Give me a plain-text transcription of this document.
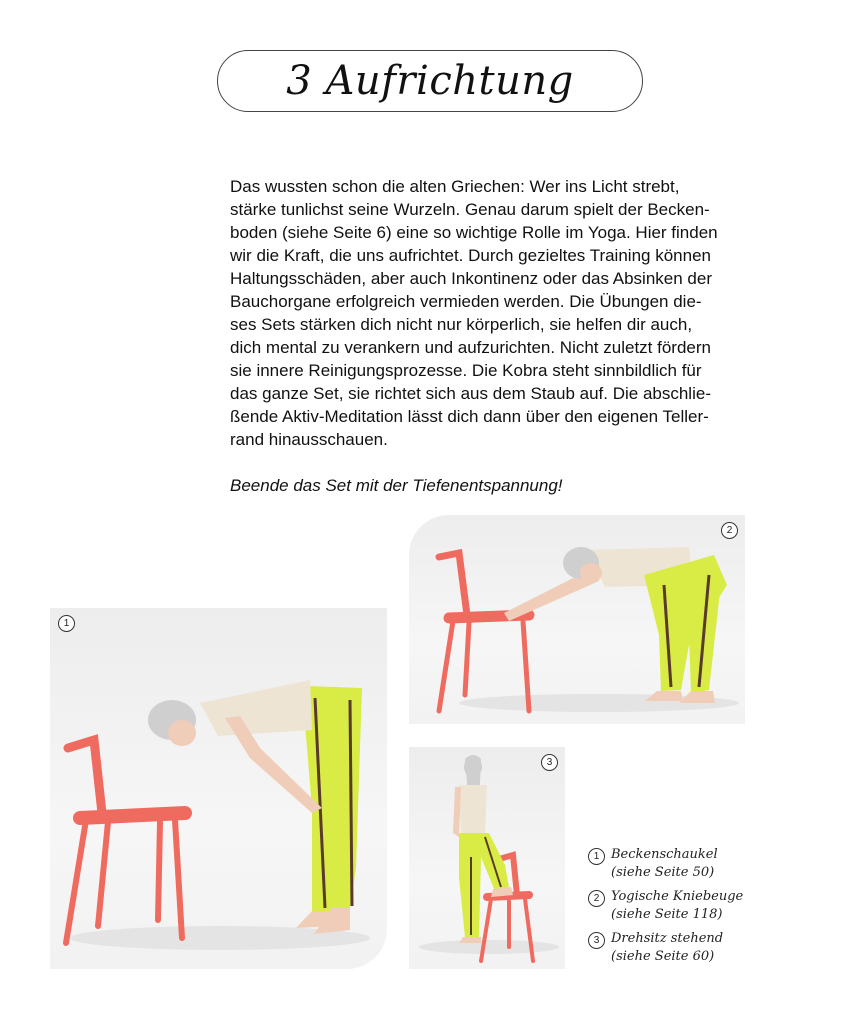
3 Aufrichtung

Das wussten schon die alten Griechen: Wer ins Licht strebt,
stärke tunlichst seine Wurzeln. Genau darum spielt der Becken-
boden (siehe Seite 6) eine so wichtige Rolle im Yoga. Hier finden
wir die Kraft, die uns aufrichtet. Durch gezieltes Training können
Haltungsschäden, aber auch Inkontinenz oder das Absinken der
Bauchorgane erfolgreich vermieden werden. Die Übungen die-
ses Sets stärken dich nicht nur körperlich, sie helfen dir auch,
dich mental zu verankern und aufzurichten. Nicht zuletzt fördern
sie innere Reinigungsprozesse. Die Kobra steht sinnbildlich für
das ganze Set, sie richtet sich aus dem Staub auf. Die abschlie-
ßende Aktiv-Meditation lässt dich dann über den eigenen Teller-
rand hinausschauen.

Beende das Set mit der Tiefenentspannung!

1
2
3
1 Beckenschaukel
(siehe Seite 50)
2 Yogische Kniebeuge
(siehe Seite 118)
3 Drehsitz stehend
(siehe Seite 60)
